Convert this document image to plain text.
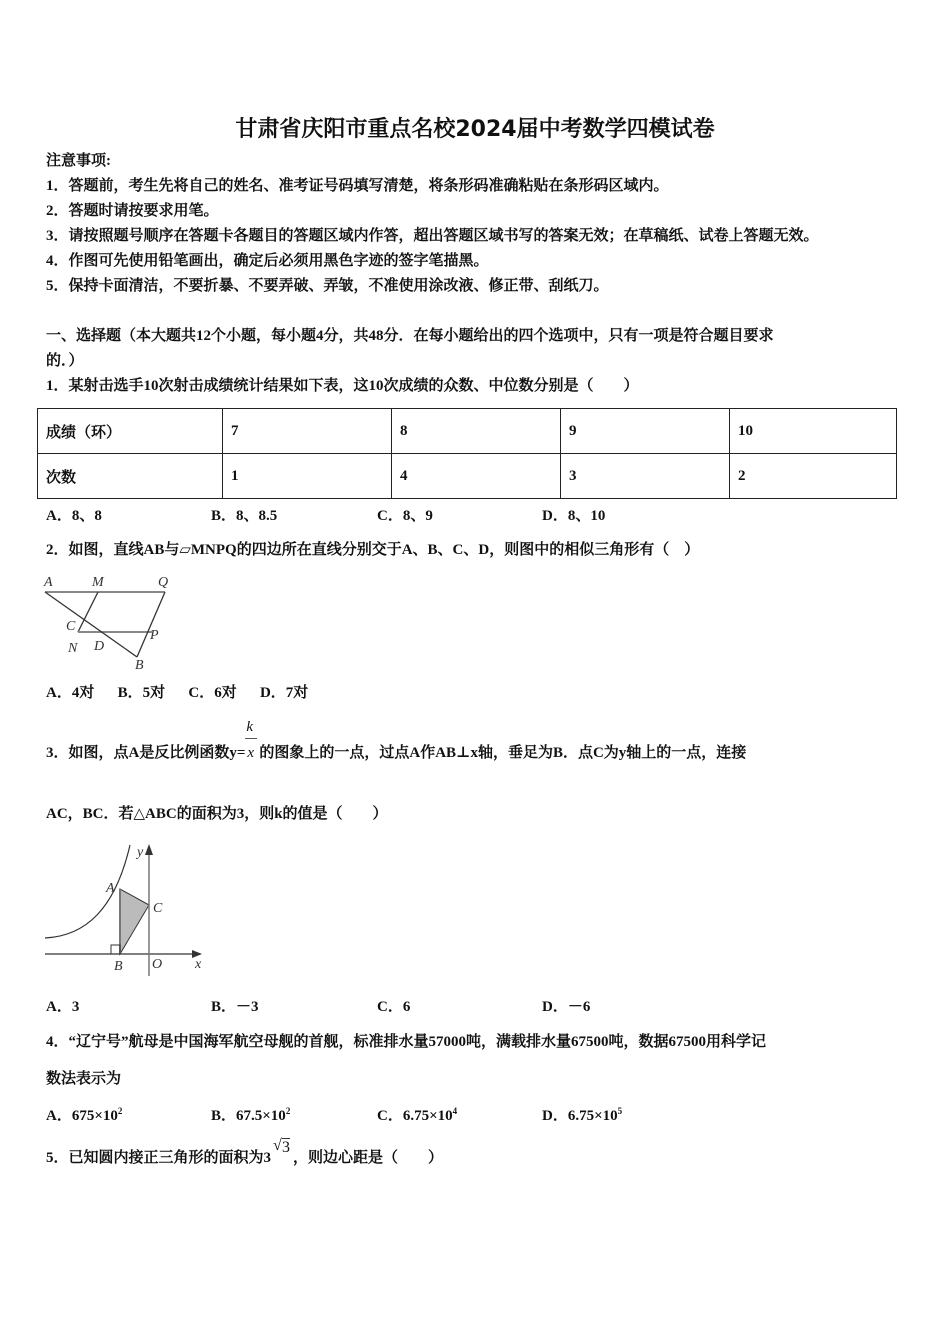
甘肃省庆阳市重点名校2024届中考数学四模试卷
注意事项:
1．答题前，考生先将自己的姓名、准考证号码填写清楚，将条形码准确粘贴在条形码区域内。
2．答题时请按要求用笔。
3．请按照题号顺序在答题卡各题目的答题区域内作答，超出答题区域书写的答案无效；在草稿纸、试卷上答题无效。
4．作图可先使用铅笔画出，确定后必须用黑色字迹的签字笔描黑。
5．保持卡面清洁，不要折暴、不要弄破、弄皱，不准使用涂改液、修正带、刮纸刀。
一、选择题（本大题共12个小题，每小题4分，共48分．在每小题给出的四个选项中，只有一项是符合题目要求
的．）
1．某射击选手10次射击成绩统计结果如下表，这10次成绩的众数、中位数分别是（　　）
成绩（环）	7	8	9	10
次数	1	4	3	2
A．8、8	B．8、8.5	C．8、9	D．8、10
2．如图，直线AB与▱MNPQ的四边所在直线分别交于A、B、C、D，则图中的相似三角形有（　）
A	M	Q
C
P
N D
B
A．4对 B．5对 C．6对 D．7对
3．如图，点A是反比例函数$y= \frac{k}{x}$ 的图象上的一点，过点A作AB⊥x轴，垂足为B．点C为y轴上的一点，连接
AC，BC．若△ABC的面积为3，则k的值是（　　）
A
B
C
O x
y
A．3	B．－3	C．6	D．－6
4．“辽宁号”航母是中国海军航空母舰的首舰，标准排水量57000吨，满载排水量67500吨，数据67500用科学记
数法表示为
A．$675\times 10^2$	B．$67.5\times 10^2$	C．$6.75\times 10^4$	D．$6.75\times 10^5$
5．已知圆内接正三角形的面积为3
√ 3
，则边心距是（　　）
